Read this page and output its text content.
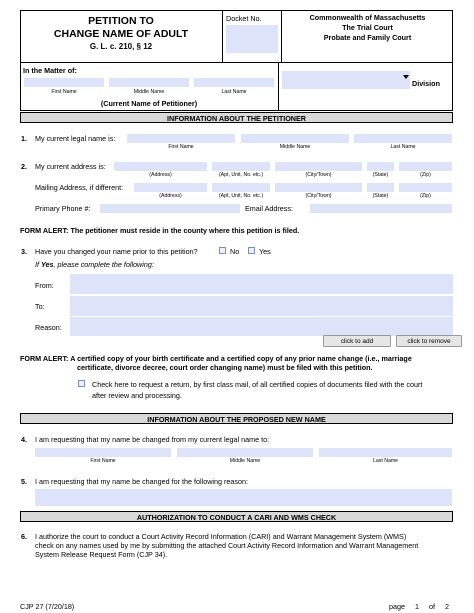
PETITION TO
CHANGE NAME OF ADULT
G. L. c. 210, § 12
Docket No.	Commonwealth of Massachusetts
The Trial Court
Probate and Family Court
In the Matter of:
First Name	Middle Name	Last Name
(Current Name of Petitioner)
Division
INFORMATION ABOUT THE PETITIONER
1. My current legal name is:
First Name	Middle Name	Last Name
2. My current address is:
(Address)	(Apt, Unit, No. etc.)	(City/Town)	(State)	(Zip)
Mailing Address, if different:
(Address)	(Apt, Unit, No. etc.)	(City/Town)	(State)	(Zip)
Primary Phone #:	Email Address:
FORM ALERT: The petitioner must reside in the county where this petition is filed.
3. Have you changed your name prior to this petition?	No	Yes
If Yes, please complete the following:
From:
To:
Reason:
click to add	click to remove
FORM ALERT: A certified copy of your birth certificate and a certified copy of any prior name change (i.e., marriage
certificate, divorce decree, court order changing name) must be filed with this petition.
Check here to request a return, by first class mail, of all certified copies of documents filed with the court
after review and processing.
INFORMATION ABOUT THE PROPOSED NEW NAME
4. I am requesting that my name be changed from my current legal name to:
First Name	Middle Name	Last Name
5. I am requesting that my name be changed for the following reason:
AUTHORIZATION TO CONDUCT A CARI AND WMS CHECK
6. I authorize the court to conduct a Court Activity Record Information (CARI) and Warrant Management System (WMS)
check on any names used by me by submitting the attached Court Activity Record Information and Warrant Management
System Release Request Form (CJP 34).
CJP 27 (7/20/18)	page 1 of 2
